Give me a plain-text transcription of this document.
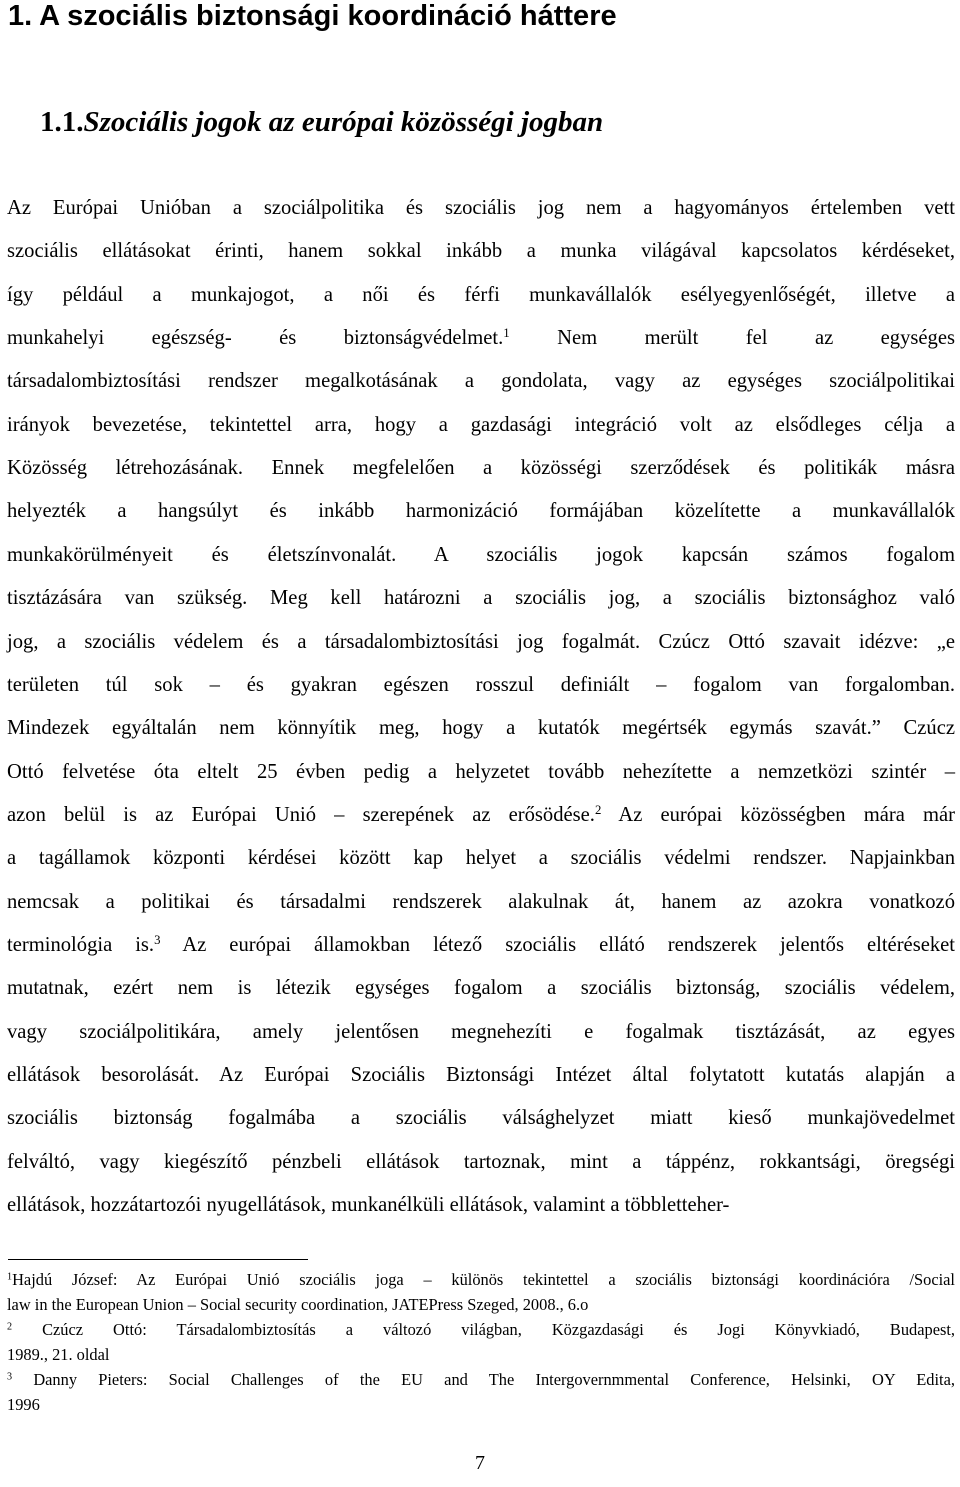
1. A szociális biztonsági koordináció háttere
1.1.Szociális jogok az európai közösségi jogban
Az Európai Unióban a szociálpolitika és szociális jog nem a hagyományos értelemben vett
szociális ellátásokat érinti, hanem sokkal inkább a munka világával kapcsolatos kérdéseket,
így például a munkajogot, a női és férfi munkavállalók esélyegyenlőségét, illetve a
munkahelyi egészség- és biztonságvédelmet.$^1$ Nem merült fel az egységes
társadalombiztosítási rendszer megalkotásának a gondolata, vagy az egységes szociálpolitikai
irányok bevezetése, tekintettel arra, hogy a gazdasági integráció volt az elsődleges célja a
Közösség létrehozásának. Ennek megfelelően a közösségi szerződések és politikák másra
helyezték a hangsúlyt és inkább harmonizáció formájában közelítette a munkavállalók
munkakörülményeit és életszínvonalát. A szociális jogok kapcsán számos fogalom
tisztázására van szükség. Meg kell határozni a szociális jog, a szociális biztonsághoz való
jog, a szociális védelem és a társadalombiztosítási jog fogalmát. Czúcz Ottó szavait idézve: „e
területen túl sok – és gyakran egészen rosszul definiált – fogalom van forgalomban.
Mindezek egyáltalán nem könnyítik meg, hogy a kutatók megértsék egymás szavát.” Czúcz
Ottó felvetése óta eltelt 25 évben pedig a helyzetet tovább nehezítette a nemzetközi szintér –
azon belül is az Európai Unió – szerepének az erősödése.$^2$ Az európai közösségben mára már
a tagállamok központi kérdései között kap helyet a szociális védelmi rendszer. Napjainkban
nemcsak a politikai és társadalmi rendszerek alakulnak át, hanem az azokra vonatkozó
terminológia is.$^3$ Az európai államokban létező szociális ellátó rendszerek jelentős eltéréseket
mutatnak, ezért nem is létezik egységes fogalom a szociális biztonság, szociális védelem,
vagy szociálpolitikára, amely jelentősen megnehezíti e fogalmak tisztázását, az egyes
ellátások besorolását. Az Európai Szociális Biztonsági Intézet által folytatott kutatás alapján a
szociális biztonság fogalmába a szociális válsághelyzet miatt kieső munkajövedelmet
felváltó, vagy kiegészítő pénzbeli ellátások tartoznak, mint a táppénz, rokkantsági, öregségi
ellátások, hozzátartozói nyugellátások, munkanélküli ellátások, valamint a többletteher-
$^1$Hajdú József: Az Európai Unió szociális joga – különös tekintettel a szociális biztonsági koordinációra /Social
law in the European Union – Social security coordination, JATEPress Szeged, 2008., 6.o
$^2$ Czúcz Ottó: Társadalombiztosítás a változó világban, Közgazdasági és Jogi Könyvkiadó, Budapest,
1989., 21. oldal
$^3$ Danny Pieters: Social Challenges of the EU and The Intergovernmmental Conference, Helsinki, OY Edita,
1996
7
